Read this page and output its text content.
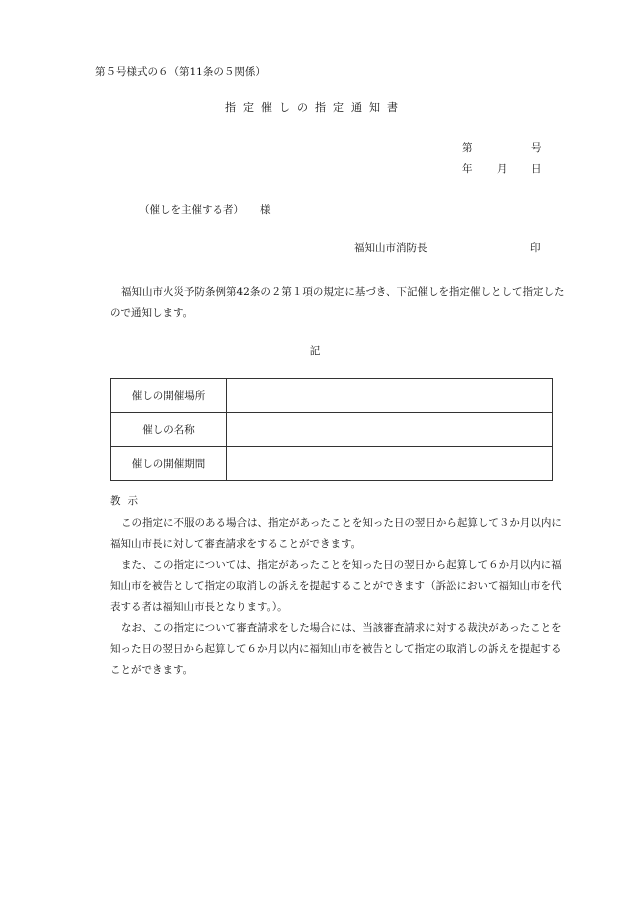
第５号様式の６（第11条の５関係）
指定催しの指定通知書
第	号
年 月 日
（催しを主催する者） 様
福知山市消防長	印
福知山市火災予防条例第42条の２第１項の規定に基づき、下記催しを指定催しとして指定したので通知します。
記
催しの開催場所	
催しの名称	
催しの開催期間	
教示

この指定に不服のある場合は、指定があったことを知った日の翌日から起算して３か月以内に福知山市長に対して審査請求をすることができます。

また、この指定については、指定があったことを知った日の翌日から起算して６か月以内に福知山市を被告として指定の取消しの訴えを提起することができます（訴訟において福知山市を代表する者は福知山市長となります。）。

なお、この指定について審査請求をした場合には、当該審査請求に対する裁決があったことを知った日の翌日から起算して６か月以内に福知山市を被告として指定の取消しの訴えを提起することができます。
